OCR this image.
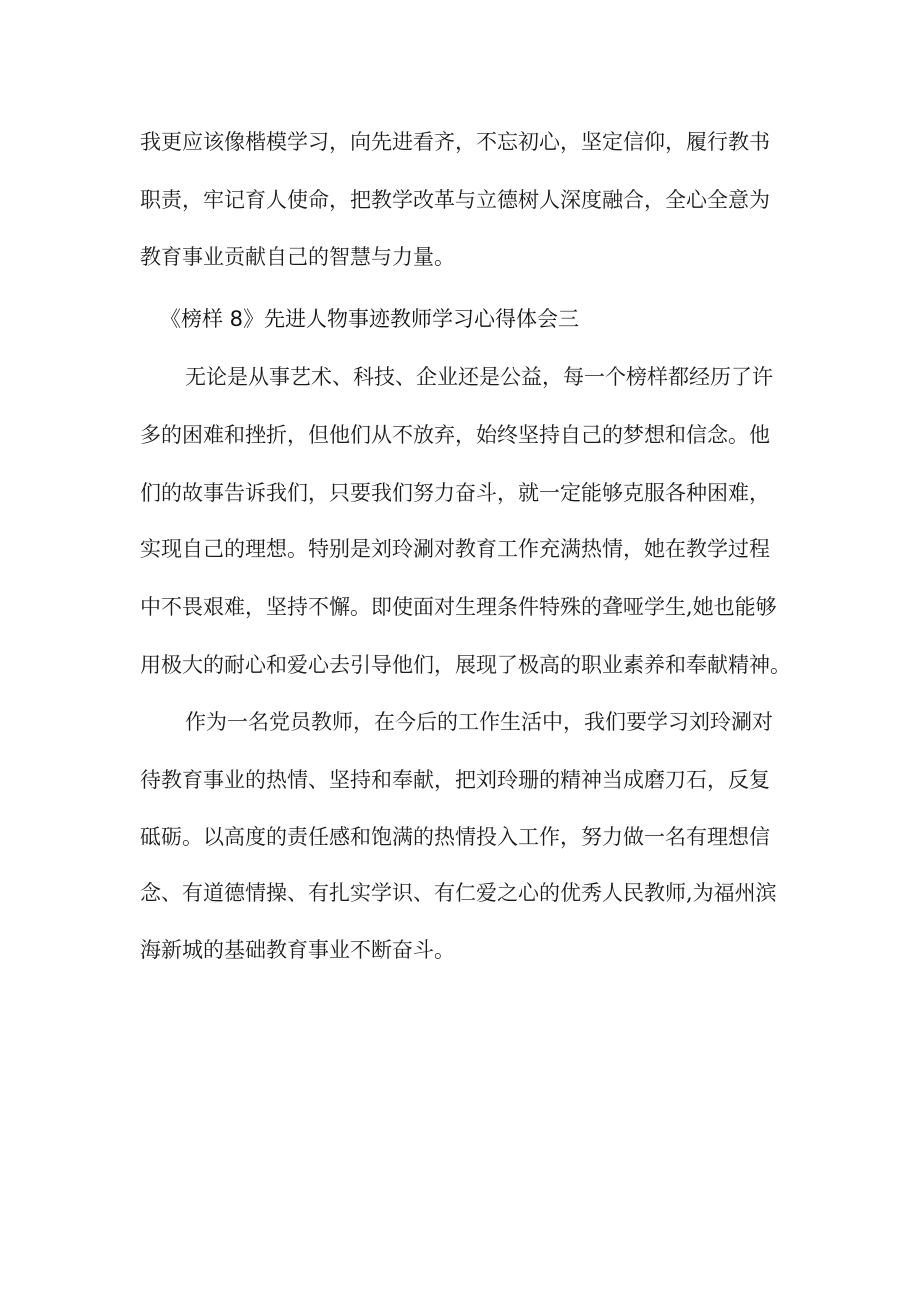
我更应该像楷模学习，向先进看齐，不忘初心，坚定信仰，履行教书

职责，牢记育人使命，把教学改革与立德树人深度融合，全心全意为

教育事业贡献自己的智慧与力量。

《榜样 8》先进人物事迹教师学习心得体会三

无论是从事艺术、科技、企业还是公益，每一个榜样都经历了许

多的困难和挫折，但他们从不放弃，始终坚持自己的梦想和信念。他

们的故事告诉我们，只要我们努力奋斗，就一定能够克服各种困难，

实现自己的理想。特别是刘玲涮对教育工作充满热情，她在教学过程

中不畏艰难，坚持不懈。即使面对生理条件特殊的聋哑学生,她也能够

用极大的耐心和爱心去引导他们，展现了极高的职业素养和奉献精神。

作为一名党员教师，在今后的工作生活中，我们要学习刘玲涮对

待教育事业的热情、坚持和奉献，把刘玲珊的精神当成磨刀石，反复

砥砺。以高度的责任感和饱满的热情投入工作，努力做一名有理想信

念、有道德情操、有扎实学识、有仁爱之心的优秀人民教师,为福州滨

海新城的基础教育事业不断奋斗。
